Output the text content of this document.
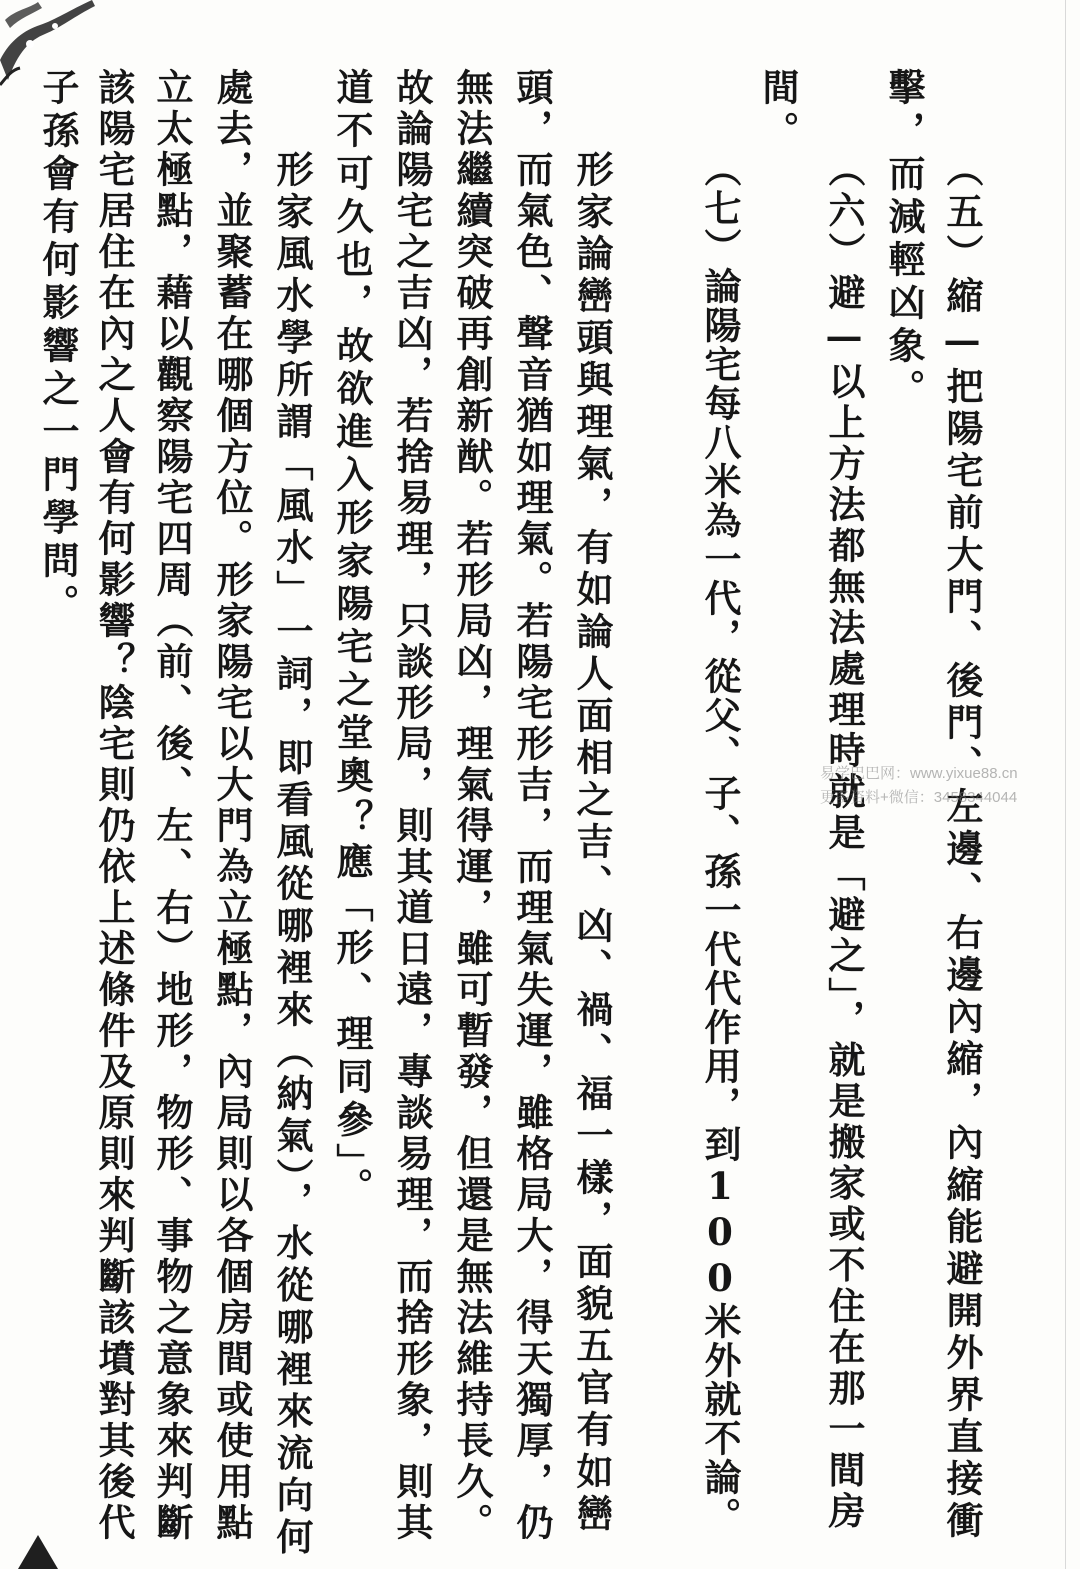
（五）縮—把陽宅前大門、後門、左邊、右邊內縮，內縮能避開外界直接衝
擊，而減輕凶象。
（六）避—以上方法都無法處理時就是「避之」，就是搬家或不住在那一間房
間。
（七）論陽宅每八米為一代，從父、子、孫一代代作用，到100米外就不論。
形家論巒頭與理氣，有如論人面相之吉、凶、禍、福一樣，面貌五官有如巒
頭，而氣色、聲音猶如理氣。若陽宅形吉，而理氣失運，雖格局大，得天獨厚，仍
無法繼續突破再創新猷。若形局凶，理氣得運，雖可暫發，但還是無法維持長久。
故論陽宅之吉凶，若捨易理，只談形局，則其道日遠，專談易理，而捨形象，則其
道不可久也，故欲進入形家陽宅之堂奧？應「形、理同參」。
形家風水學所謂「風水」一詞，即看風從哪裡來（納氣），水從哪裡來流向何
處去，並聚蓄在哪個方位。形家陽宅以大門為立極點，內局則以各個房間或使用點
立太極點，藉以觀察陽宅四周（前、後、左、右）地形，物形、事物之意象來判斷
該陽宅居住在內之人會有何影響？陰宅則仍依上述條件及原則來判斷該墳對其後代
子孫會有何影響之一門學問。
易学巴巴网：www.yixue88.cn
更多资料+微信：3458344044
